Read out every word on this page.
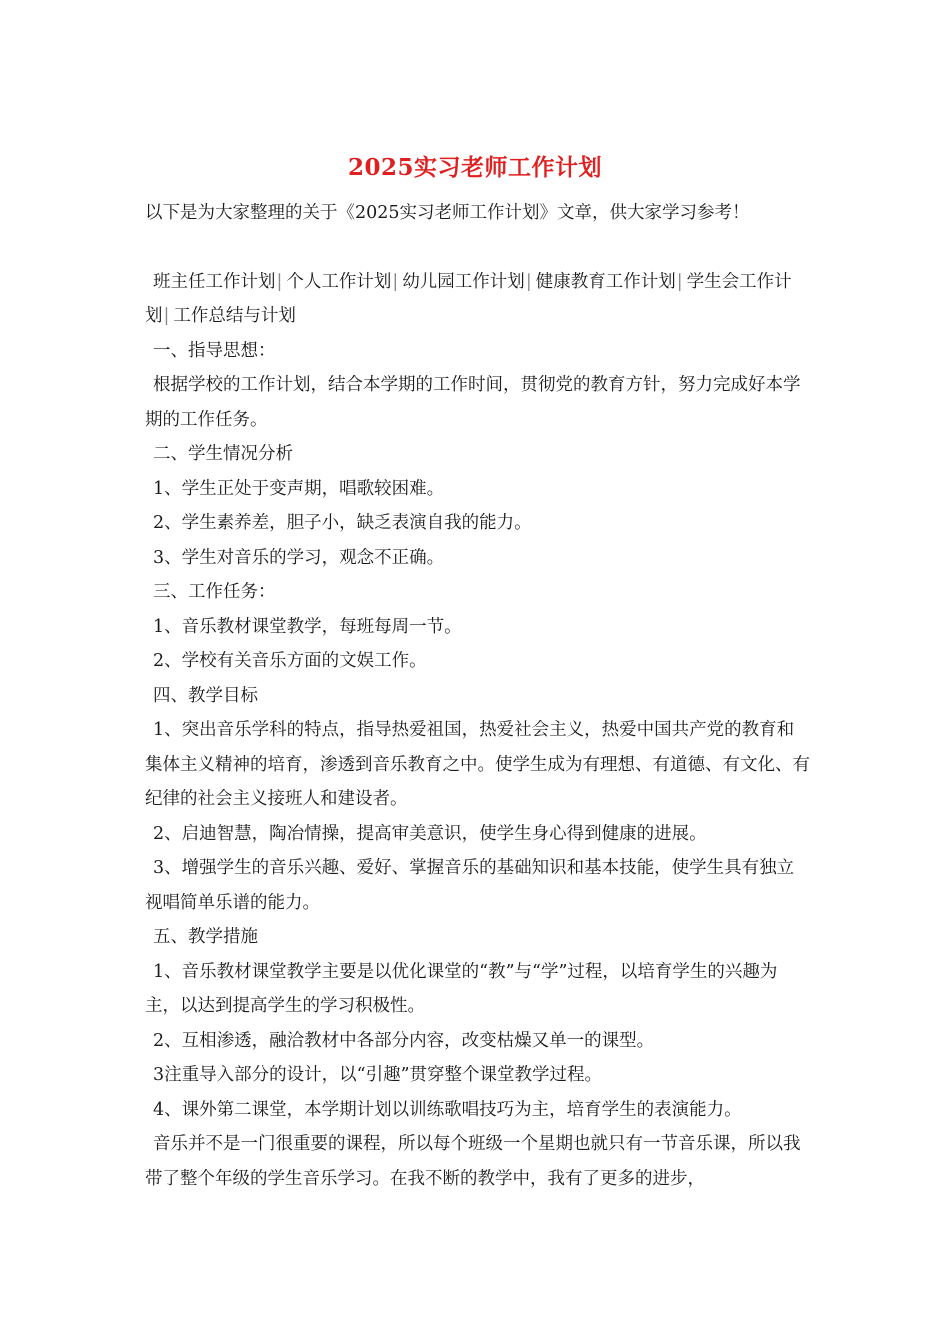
2025实习老师工作计划

以下是为大家整理的关于《2025实习老师工作计划》文章，供大家学习参考！

班主任工作计划| 个人工作计划| 幼儿园工作计划| 健康教育工作计划| 学生会工作计划| 工作总结与计划

一、指导思想：

根据学校的工作计划，结合本学期的工作时间，贯彻党的教育方针，努力完成好本学期的工作任务。

二、学生情况分析

1、学生正处于变声期，唱歌较困难。

2、学生素养差，胆子小，缺乏表演自我的能力。

3、学生对音乐的学习，观念不正确。

三、工作任务：

1、音乐教材课堂教学，每班每周一节。

2、学校有关音乐方面的文娱工作。

四、教学目标

1、突出音乐学科的特点，指导热爱祖国，热爱社会主义，热爱中国共产党的教育和集体主义精神的培育，渗透到音乐教育之中。使学生成为有理想、有道德、有文化、有纪律的社会主义接班人和建设者。

2、启迪智慧，陶冶情操，提高审美意识，使学生身心得到健康的进展。

3、增强学生的音乐兴趣、爱好、掌握音乐的基础知识和基本技能，使学生具有独立视唱简单乐谱的能力。

五、教学措施

1、音乐教材课堂教学主要是以优化课堂的“教”与“学”过程，以培育学生的兴趣为主，以达到提高学生的学习积极性。

2、互相渗透，融洽教材中各部分内容，改变枯燥又单一的课型。

3注重导入部分的设计，以“引趣”贯穿整个课堂教学过程。

4、课外第二课堂，本学期计划以训练歌唱技巧为主，培育学生的表演能力。

音乐并不是一门很重要的课程，所以每个班级一个星期也就只有一节音乐课，所以我带了整个年级的学生音乐学习。在我不断的教学中，我有了更多的进步，
